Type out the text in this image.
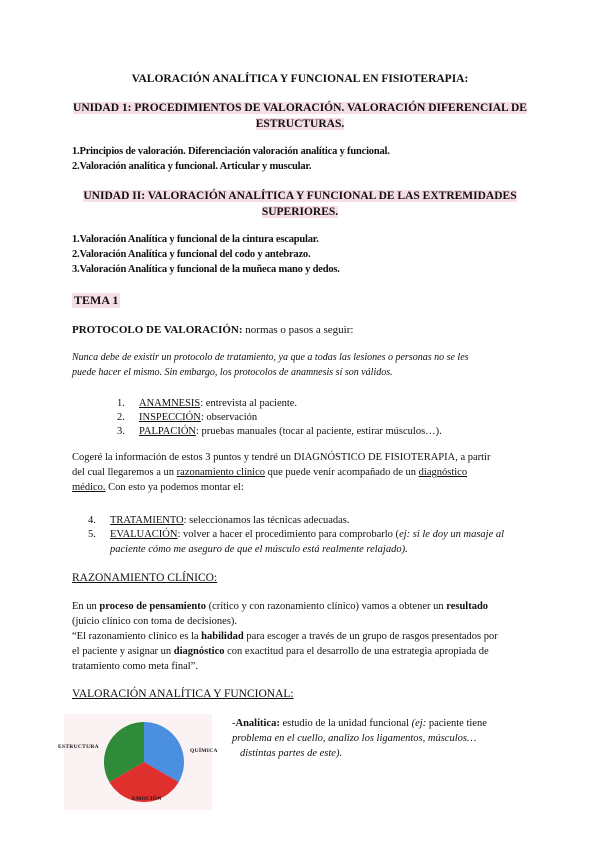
VALORACIÓN ANALÍTICA Y FUNCIONAL EN FISIOTERAPIA:
UNIDAD 1: PROCEDIMIENTOS DE VALORACIÓN. VALORACIÓN DIFERENCIAL DE
ESTRUCTURAS.
1.Principios de valoración. Diferenciación valoración analítica y funcional.
2.Valoración analítica y funcional. Articular y muscular.
UNIDAD II: VALORACIÓN ANALÍTICA Y FUNCIONAL DE LAS EXTREMIDADES
SUPERIORES.
1.Valoración Analítica y funcional de la cintura escapular.
2.Valoración Analítica y funcional del codo y antebrazo.
3.Valoración Analítica y funcional de la muñeca mano y dedos.
TEMA 1
PROTOCOLO DE VALORACIÓN: normas o pasos a seguir:
Nunca debe de existir un protocolo de tratamiento, ya que a todas las lesiones o personas no se les
puede hacer el mismo. Sin embargo, los protocolos de anamnesis sí son válidos.
1.	ANAMNESIS: entrevista al paciente.
2.	INSPECCIÓN: observación
3.	PALPACIÓN: pruebas manuales (tocar al paciente, estirar músculos…).
Cogeré la información de estos 3 puntos y tendré un DIAGNÓSTICO DE FISIOTERAPIA, a partir
del cual llegaremos a un razonamiento clínico que puede venir acompañado de un diagnóstico
médico. Con esto ya podemos montar el:
4.	TRATAMIENTO: seleccionamos las técnicas adecuadas.
5.	EVALUACIÓN: volver a hacer el procedimiento para comprobarlo (ej: si le doy un masaje al
paciente cómo me aseguro de que el músculo está realmente relajado).
RAZONAMIENTO CLÍNICO:
En un proceso de pensamiento (crítico y con razonamiento clínico) vamos a obtener un resultado
(juicio clínico con toma de decisiones).
“El razonamiento clínico es la habilidad para escoger a través de un grupo de rasgos presentados por
el paciente y asignar un diagnóstico con exactitud para el desarrollo de una estrategia apropiada de
tratamiento como meta final”.
VALORACIÓN ANALÍTICA Y FUNCIONAL:
ESTRUCTURA
QUÍMICA
EMOCIÓN
-Analítica: estudio de la unidad funcional (ej: paciente tiene
problema en el cuello, analizo los ligamentos, músculos…
distintas partes de este).
